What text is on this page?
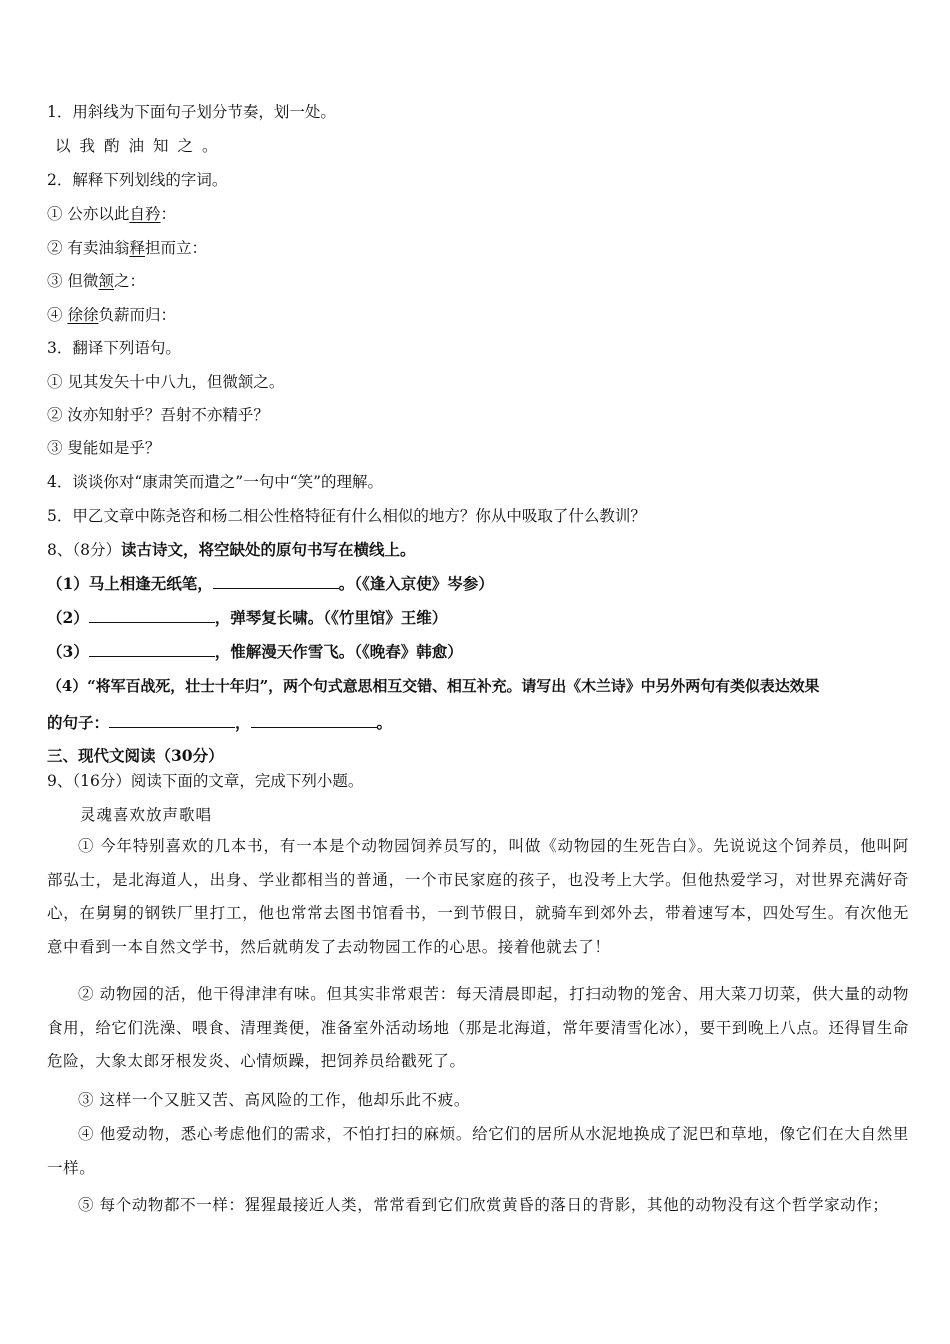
1．用斜线为下面句子划分节奏，划一处。
以我酌油知之。
2．解释下列划线的字词。
① 公亦以此自矜：
② 有卖油翁释担而立：
③ 但微颔之：
④ 徐徐负薪而归：
3．翻译下列语句。
① 见其发矢十中八九，但微颔之。
② 汝亦知射乎？吾射不亦精乎？
③ 叟能如是乎？
4．谈谈你对“康肃笑而遣之”一句中“笑”的理解。
5．甲乙文章中陈尧咨和杨二相公性格特征有什么相似的地方？你从中吸取了什么教训？
8、（8分）读古诗文，将空缺处的原句书写在横线上。
（1）马上相逢无纸笔，	。（《逢入京使》岑参）
（2）	，弹琴复长啸。（《竹里馆》王维）
（3）	，惟解漫天作雪飞。（《晚春》韩愈）
（4）“将军百战死，壮士十年归”，两个句式意思相互交错、相互补充。请写出《木兰诗》中另外两句有类似表达效果
的句子：	，	。
三、现代文阅读（30分）
9、（16分）阅读下面的文章，完成下列小题。
灵魂喜欢放声歌唱
① 今年特别喜欢的几本书，有一本是个动物园饲养员写的，叫做《动物园的生死告白》。先说说这个饲养员，他叫阿部弘士，是北海道人，出身、学业都相当的普通，一个市民家庭的孩子，也没考上大学。但他热爱学习，对世界充满好奇心，在舅舅的钢铁厂里打工，他也常常去图书馆看书，一到节假日，就骑车到郊外去，带着速写本，四处写生。有次他无意中看到一本自然文学书，然后就萌发了去动物园工作的心思。接着他就去了！
② 动物园的活，他干得津津有味。但其实非常艰苦：每天清晨即起，打扫动物的笼舍、用大菜刀切菜，供大量的动物食用，给它们洗澡、喂食、清理粪便，准备室外活动场地（那是北海道，常年要清雪化冰），要干到晚上八点。还得冒生命危险，大象太郎牙根发炎、心情烦躁，把饲养员给戳死了。
③ 这样一个又脏又苦、高风险的工作，他却乐此不疲。
④ 他爱动物，悉心考虑他们的需求，不怕打扫的麻烦。给它们的居所从水泥地换成了泥巴和草地，像它们在大自然里一样。
⑤ 每个动物都不一样：猩猩最接近人类，常常看到它们欣赏黄昏的落日的背影，其他的动物没有这个哲学家动作；
